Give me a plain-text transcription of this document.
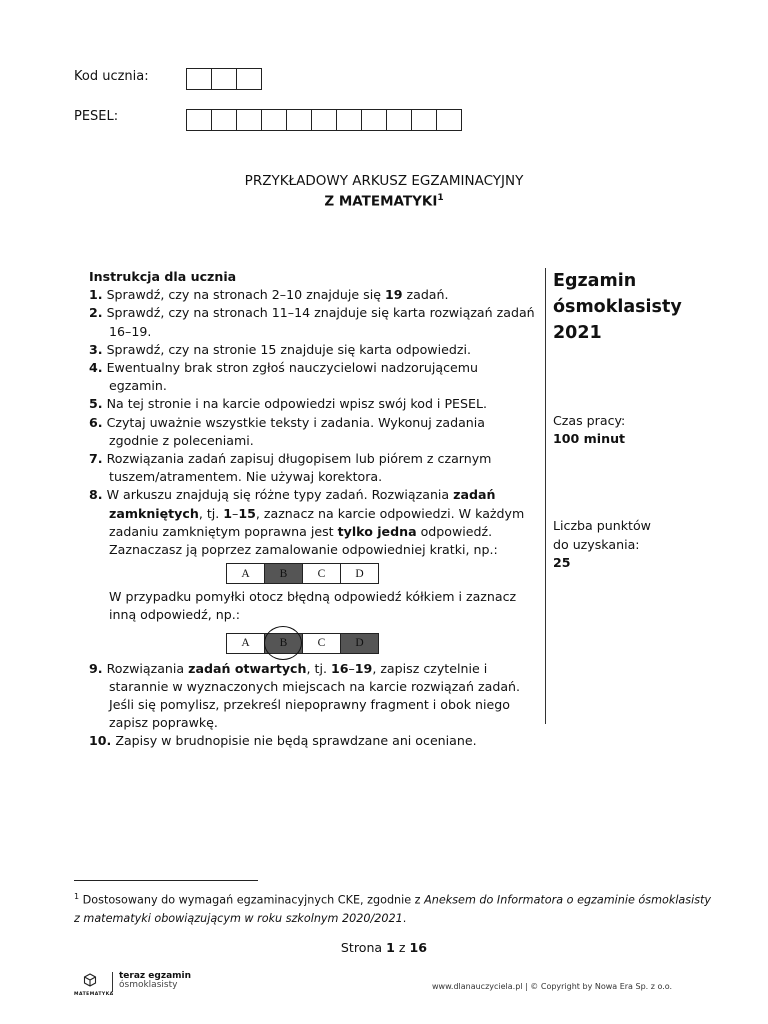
Kod ucznia:
PESEL:
PRZYKŁADOWY ARKUSZ EGZAMINACYJNY
Z MATEMATYKI$^1$

Instrukcja dla ucznia

1. Sprawdź, czy na stronach 2–10 znajduje się 19 zadań.

2. Sprawdź, czy na stronach 11–14 znajduje się karta rozwiązań zadań 16–19.

3. Sprawdź, czy na stronie 15 znajduje się karta odpowiedzi.

4. Ewentualny brak stron zgłoś nauczycielowi nadzorującemu egzamin.

5. Na tej stronie i na karcie odpowiedzi wpisz swój kod i PESEL.

6. Czytaj uważnie wszystkie teksty i zadania. Wykonuj zadania zgodnie z poleceniami.

7. Rozwiązania zadań zapisuj długopisem lub piórem z czarnym tuszem/atramentem. Nie używaj korektora.

8. W arkuszu znajdują się różne typy zadań. Rozwiązania zadań zamkniętych, tj. 1–15, zaznacz na karcie odpowiedzi. W każdym zadaniu zamkniętym poprawna jest tylko jedna odpowiedź. Zaznaczasz ją poprzez zamalowanie odpowiedniej kratki, np.:

A	B	C	D

W przypadku pomyłki otocz błędną odpowiedź kółkiem i zaznacz inną odpowiedź, np.:

A	B	C	D

9. Rozwiązania zadań otwartych, tj. 16–19, zapisz czytelnie i starannie w wyznaczonych miejscach na karcie rozwiązań zadań.

Jeśli się pomylisz, przekreśl niepoprawny fragment i obok niego zapisz poprawkę.

10. Zapisy w brudnopisie nie będą sprawdzane ani oceniane.

Egzamin ósmoklasisty 2021
Czas pracy:
100 minut
Liczba punktów do uzyskania:
25
$^1$ Dostosowany do wymagań egzaminacyjnych CKE, zgodnie z Aneksem do Informatora o egzaminie ósmoklasisty z matematyki obowiązującym w roku szkolnym 2020/2021.
Strona 1 z 16
MATEMATYKA
teraz egzamin
ósmoklasisty	www.dlanauczyciela.pl | © Copyright by Nowa Era Sp. z o.o.
